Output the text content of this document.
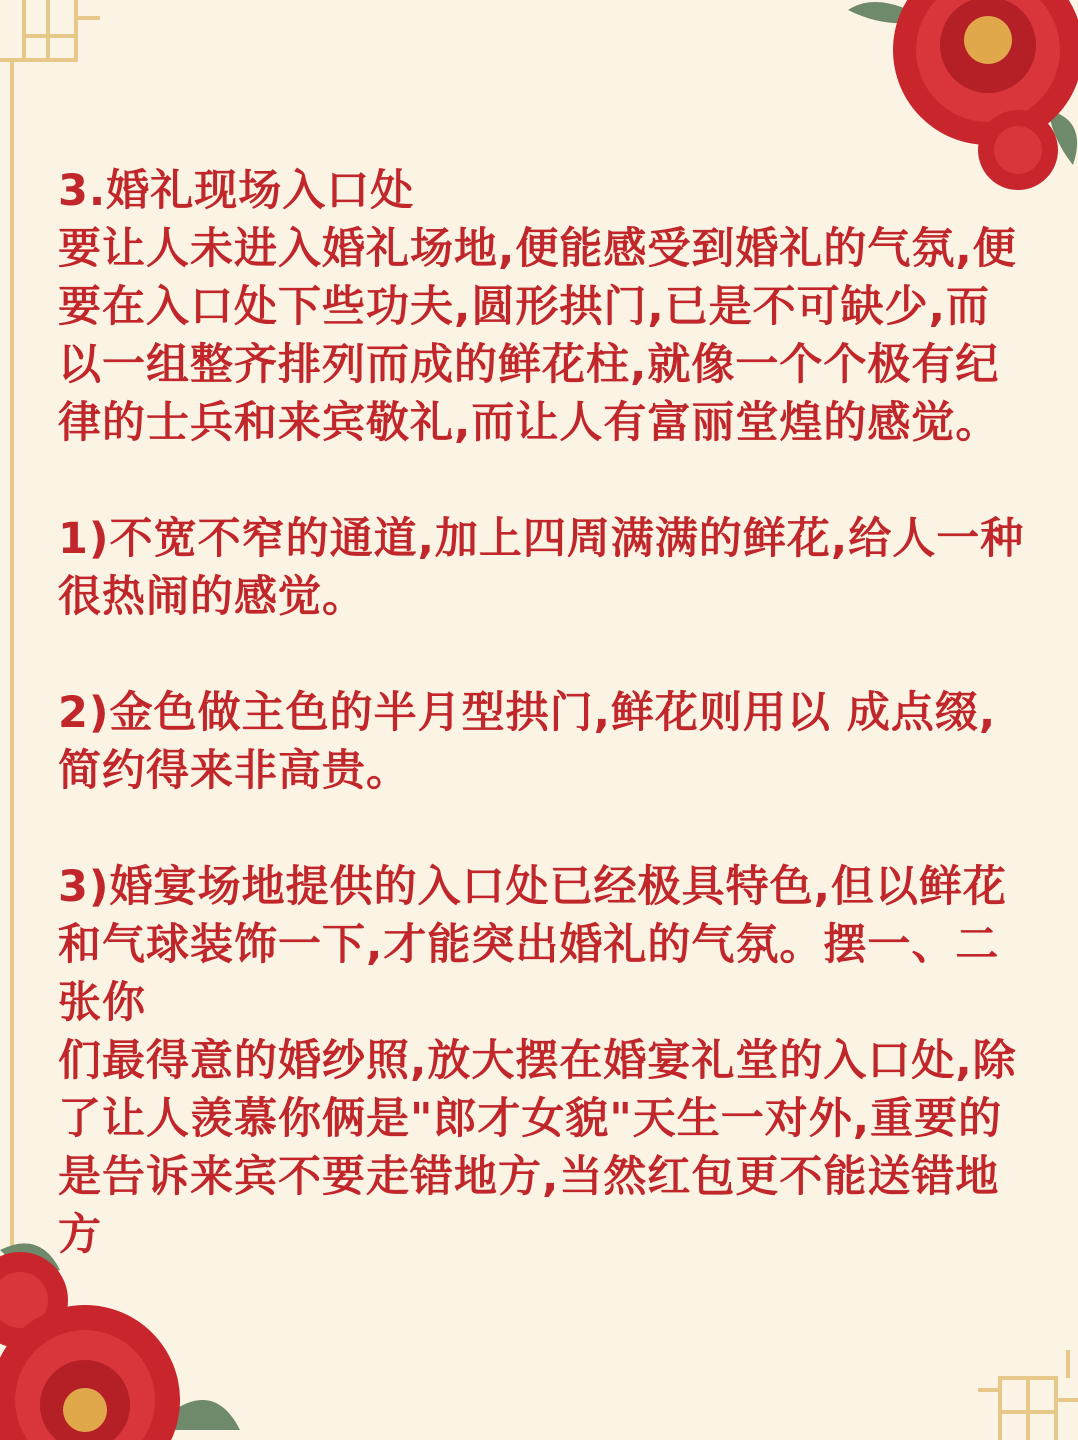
3.婚礼现场入口处

要让人未进入婚礼场地,便能感受到婚礼的气氛,便

要在入口处下些功夫,圆形拱门,已是不可缺少,而

以一组整齐排列而成的鲜花柱,就像一个个极有纪

律的士兵和来宾敬礼,而让人有富丽堂煌的感觉。

1)不宽不窄的通道,加上四周满满的鲜花,给人一种

很热闹的感觉。

2)金色做主色的半月型拱门,鲜花则用以 成点缀,

简约得来非高贵。

3)婚宴场地提供的入口处已经极具特色,但以鲜花

和气球装饰一下,才能突出婚礼的气氛。摆一、二张你

们最得意的婚纱照,放大摆在婚宴礼堂的入口处,除

了让人羡慕你俩是"郎才女貌"天生一对外,重要的

是告诉来宾不要走错地方,当然红包更不能送错地

方
